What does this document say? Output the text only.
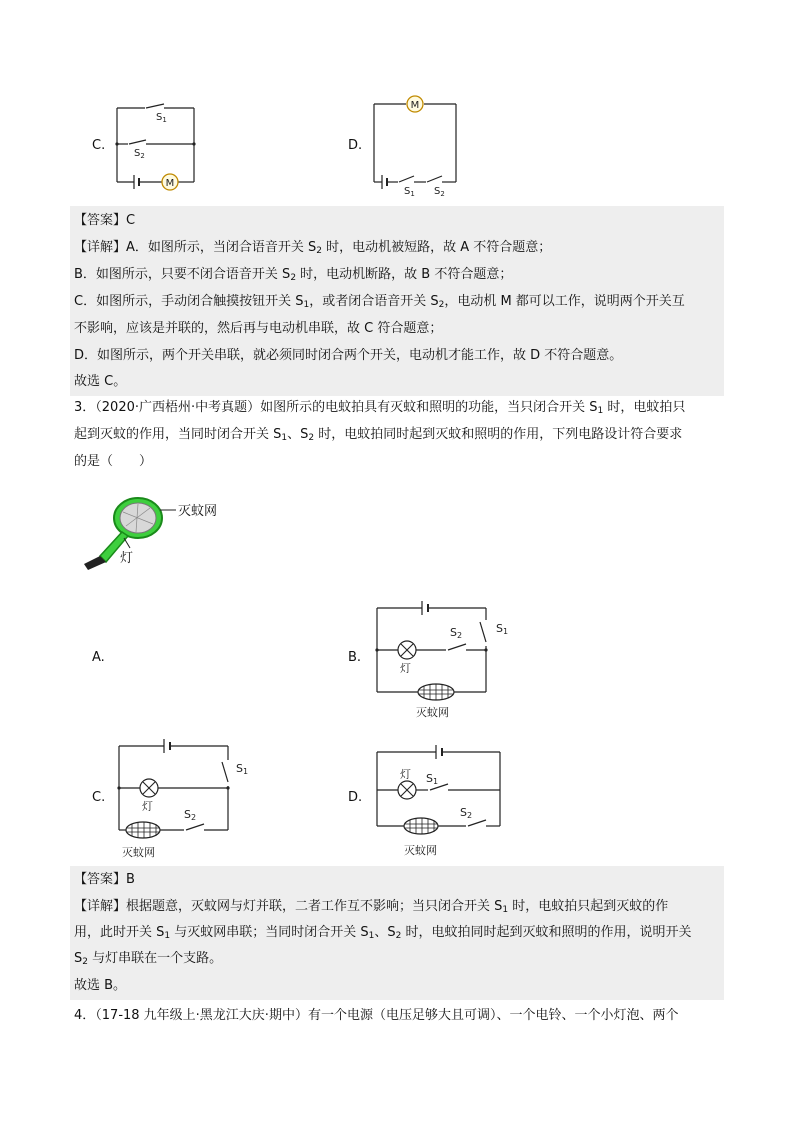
C.
M
$S_1$
$S_2$
D.
M
$S_1$ $S_2$
【答案】C
【详解】A．如图所示，当闭合语音开关 $S_2$ 时，电动机被短路，故 A 不符合题意；
B．如图所示，只要不闭合语音开关 $S_2$ 时，电动机断路，故 B 不符合题意；
C．如图所示，手动闭合触摸按钮开关 $S_1$，或者闭合语音开关 $S_2$，电动机 M 都可以工作，说明两个开关互
不影响，应该是并联的，然后再与电动机串联，故 C 符合题意；
D．如图所示，两个开关串联，就必须同时闭合两个开关，电动机才能工作，故 D 不符合题意。
故选 C。
3．（2020·广西梧州·中考真题）如图所示的电蚊拍具有灭蚊和照明的功能，当只闭合开关 $S_1$ 时，电蚊拍只
起到灭蚊的作用，当同时闭合开关 $S_1$、$S_2$ 时，电蚊拍同时起到灭蚊和照明的作用，下列电路设计符合要求
的是（　　）
灭蚊网
灯
A.	B.
S2
S1
灯
灭蚊网
C.
S1
S2
灯
灭蚊网
D.
灯 S1
S2
灭蚊网
【答案】B
【详解】根据题意，灭蚊网与灯并联，二者工作互不影响；当只闭合开关 $S_1$ 时，电蚊拍只起到灭蚊的作
用，此时开关 $S_1$ 与灭蚊网串联；当同时闭合开关 $S_1$、$S_2$ 时，电蚊拍同时起到灭蚊和照明的作用，说明开关
$S_2$ 与灯串联在一个支路。
故选 B。
4．（17-18 九年级上·黑龙江大庆·期中）有一个电源（电压足够大且可调）、一个电铃、一个小灯泡、两个
